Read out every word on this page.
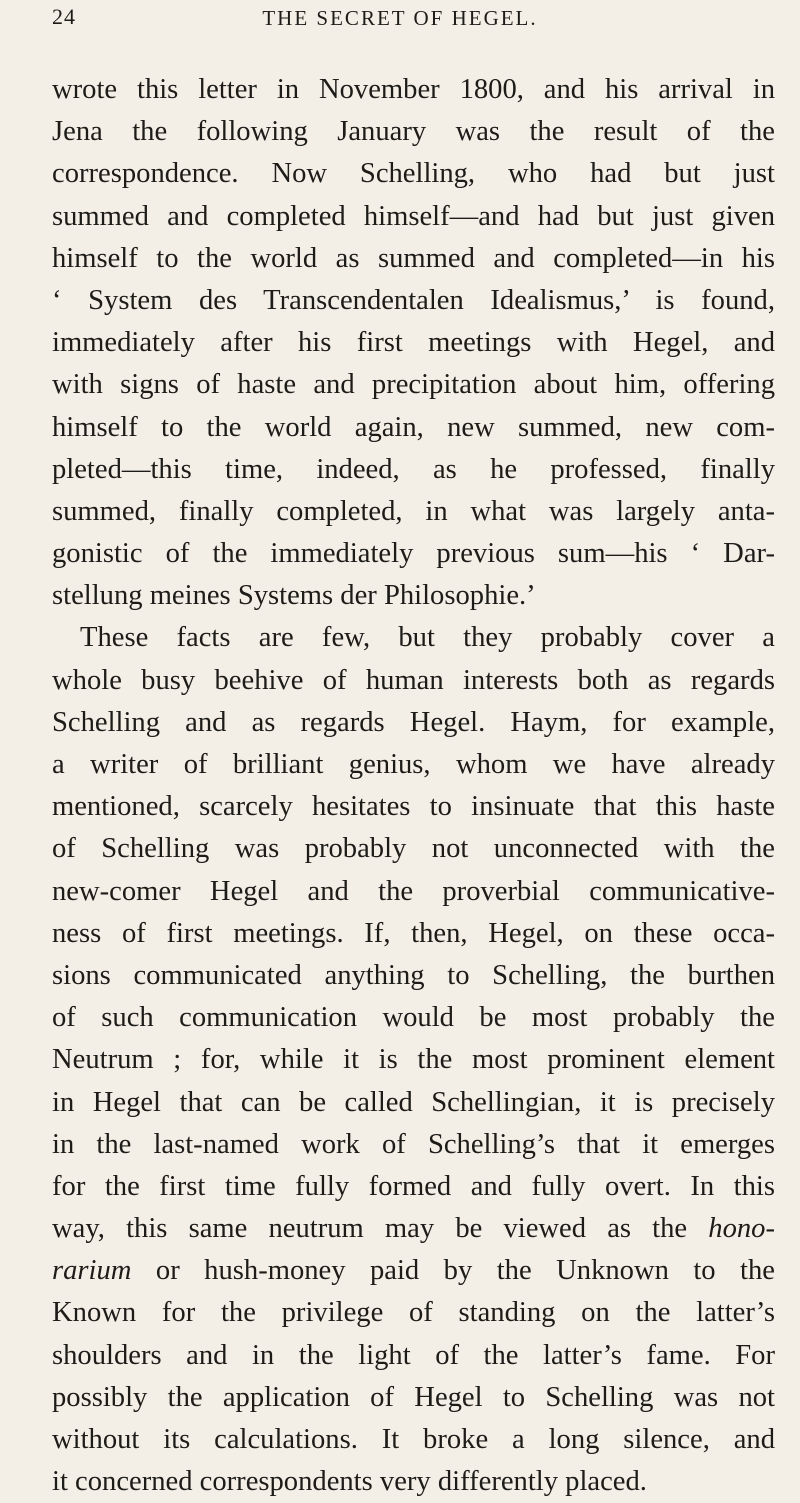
24	THE SECRET OF HEGEL.
wrote this letter in November 1800, and his arrival in
Jena the following January was the result of the
correspondence. Now Schelling, who had but just
summed and completed himself—and had but just given
himself to the world as summed and completed—in his
‘ System des Transcendentalen Idealismus,’ is found,
immediately after his first meetings with Hegel, and
with signs of haste and precipitation about him, offering
himself to the world again, new summed, new com-
pleted—this time, indeed, as he professed, finally
summed, finally completed, in what was largely anta-
gonistic of the immediately previous sum—his ‘ Dar-
stellung meines Systems der Philosophie.’
These facts are few, but they probably cover a
whole busy beehive of human interests both as regards
Schelling and as regards Hegel. Haym, for example,
a writer of brilliant genius, whom we have already
mentioned, scarcely hesitates to insinuate that this haste
of Schelling was probably not unconnected with the
new-comer Hegel and the proverbial communicative-
ness of first meetings. If, then, Hegel, on these occa-
sions communicated anything to Schelling, the burthen
of such communication would be most probably the
Neutrum ; for, while it is the most prominent element
in Hegel that can be called Schellingian, it is precisely
in the last-named work of Schelling’s that it emerges
for the first time fully formed and fully overt. In this
way, this same neutrum may be viewed as the hono-
rarium or hush-money paid by the Unknown to the
Known for the privilege of standing on the latter’s
shoulders and in the light of the latter’s fame. For
possibly the application of Hegel to Schelling was not
without its calculations. It broke a long silence, and
it concerned correspondents very differently placed.
